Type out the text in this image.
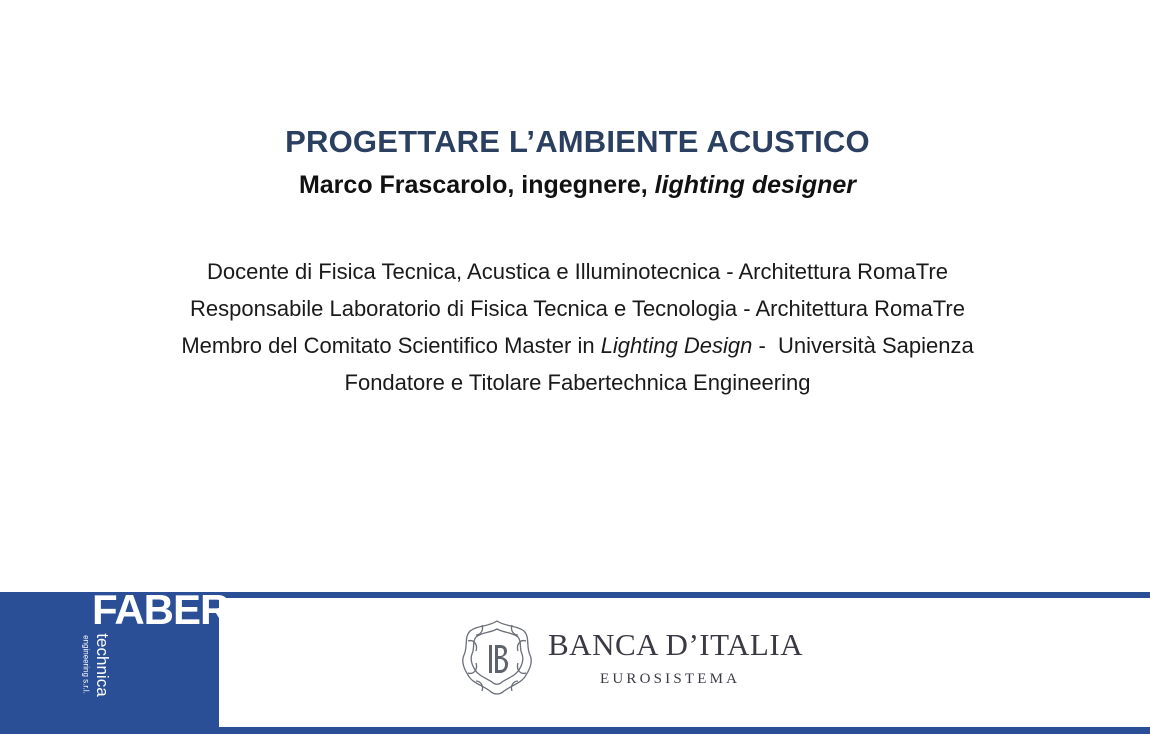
PROGETTARE L’AMBIENTE ACUSTICO
Marco Frascarolo, ingegnere, lighting designer
Docente di Fisica Tecnica, Acustica e Illuminotecnica - Architettura RomaTre
Responsabile Laboratorio di Fisica Tecnica e Tecnologia - Architettura RomaTre
Membro del Comitato Scientifico Master in Lighting Design -  Università Sapienza
Fondatore e Titolare Fabertechnica Engineering
FABER
technica
engineering s.r.l.	BANCA D’ITALIA
EUROSISTEMA
